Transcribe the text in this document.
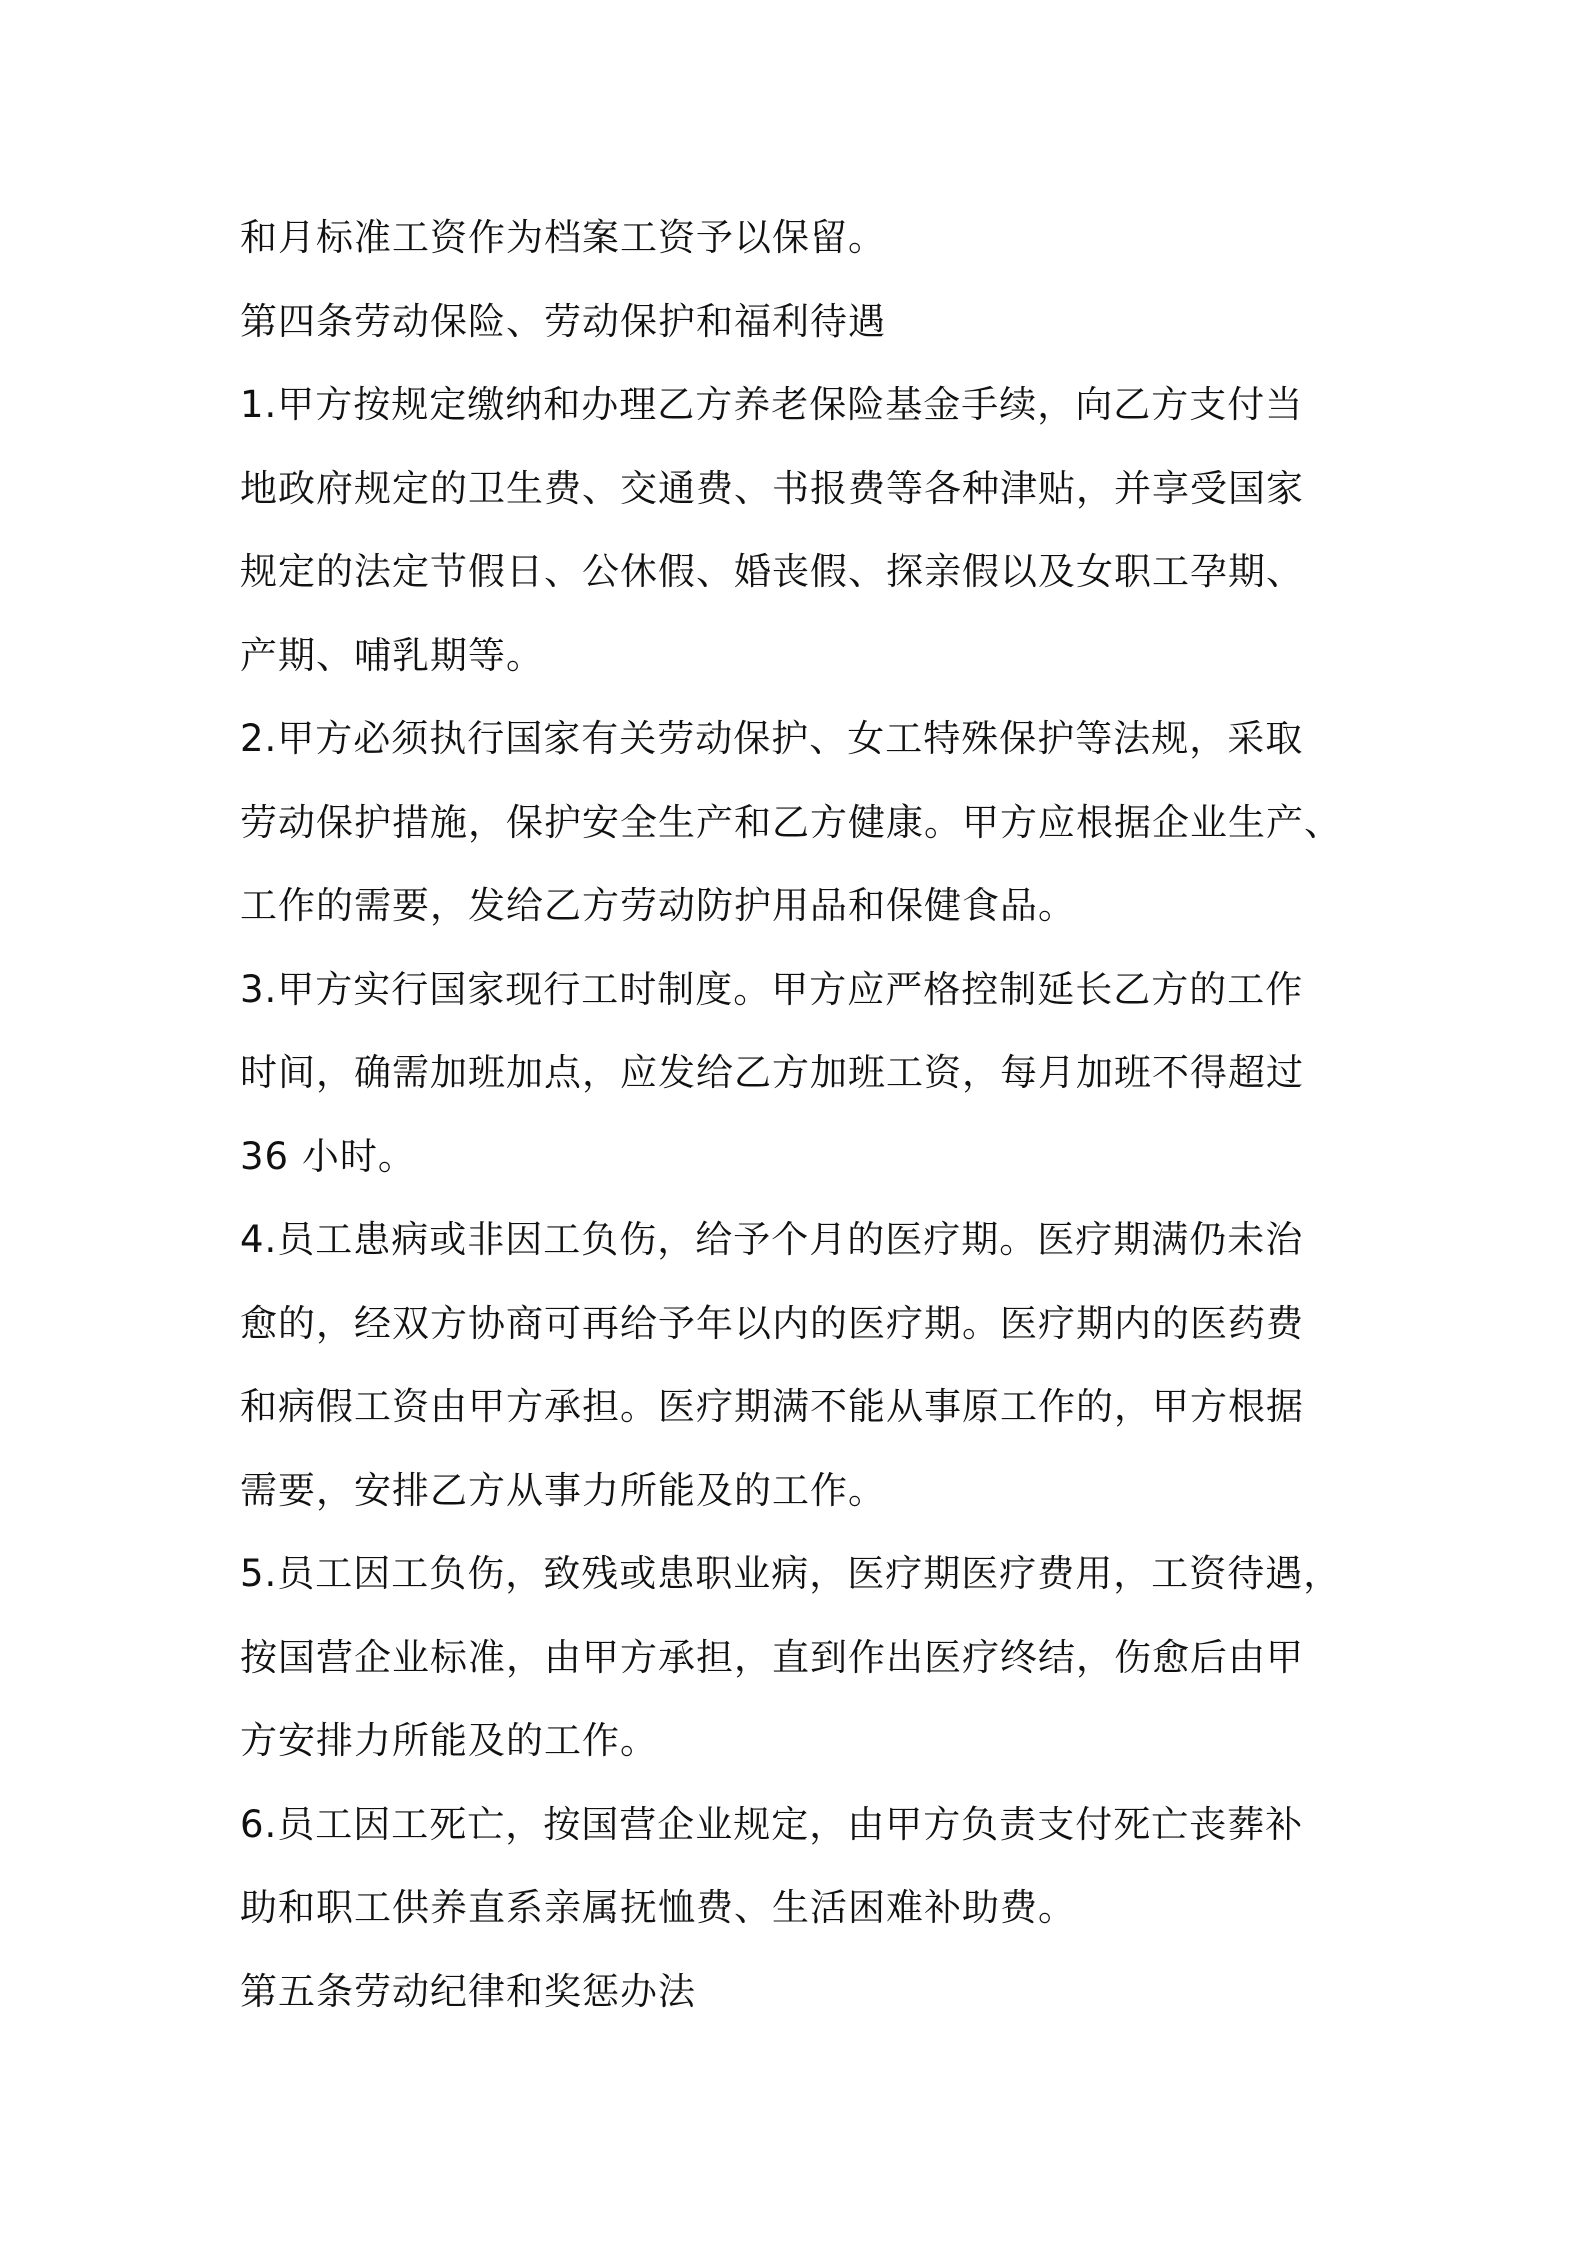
和月标准工资作为档案工资予以保留。
第四条劳动保险、劳动保护和福利待遇
1.甲方按规定缴纳和办理乙方养老保险基金手续，向乙方支付当
地政府规定的卫生费、交通费、书报费等各种津贴，并享受国家
规定的法定节假日、公休假、婚丧假、探亲假以及女职工孕期、
产期、哺乳期等。
2.甲方必须执行国家有关劳动保护、女工特殊保护等法规，采取
劳动保护措施，保护安全生产和乙方健康。甲方应根据企业生产、
工作的需要，发给乙方劳动防护用品和保健食品。
3.甲方实行国家现行工时制度。甲方应严格控制延长乙方的工作
时间，确需加班加点，应发给乙方加班工资，每月加班不得超过
36 小时。
4.员工患病或非因工负伤，给予个月的医疗期。医疗期满仍未治
愈的，经双方协商可再给予年以内的医疗期。医疗期内的医药费
和病假工资由甲方承担。医疗期满不能从事原工作的，甲方根据
需要，安排乙方从事力所能及的工作。
5.员工因工负伤，致残或患职业病，医疗期医疗费用，工资待遇，
按国营企业标准，由甲方承担，直到作出医疗终结，伤愈后由甲
方安排力所能及的工作。
6.员工因工死亡，按国营企业规定，由甲方负责支付死亡丧葬补
助和职工供养直系亲属抚恤费、生活困难补助费。
第五条劳动纪律和奖惩办法
